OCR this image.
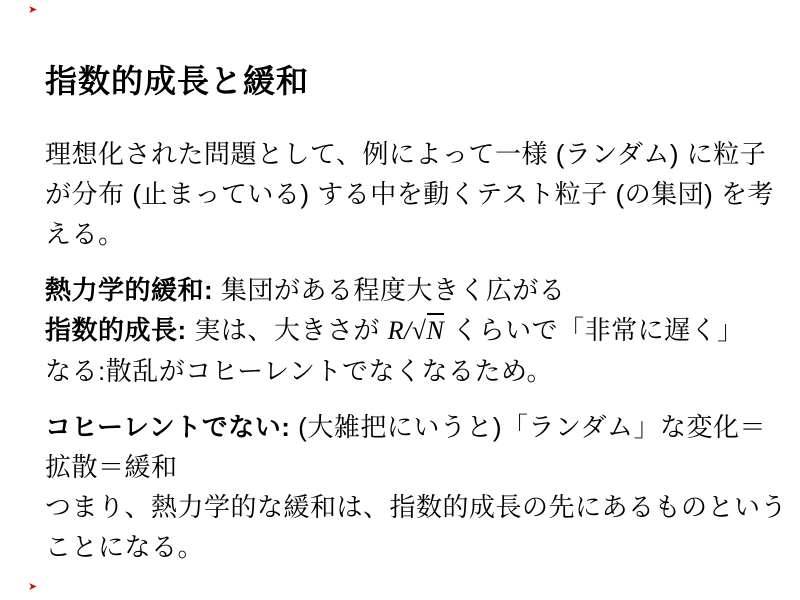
➤
指数的成長と緩和
理想化された問題として、例によって一様 (ランダム) に粒子
が分布 (止まっている) する中を動くテスト粒子 (の集団) を考
える。
熱力学的緩和: 集団がある程度大きく広がる
指数的成長: 実は、大きさが R/√N くらいで「非常に遅く」
なる:散乱がコヒーレントでなくなるため。
コヒーレントでない: (大雑把にいうと)「ランダム」な変化＝
拡散＝緩和
つまり、熱力学的な緩和は、指数的成長の先にあるものという
ことになる。
➤
